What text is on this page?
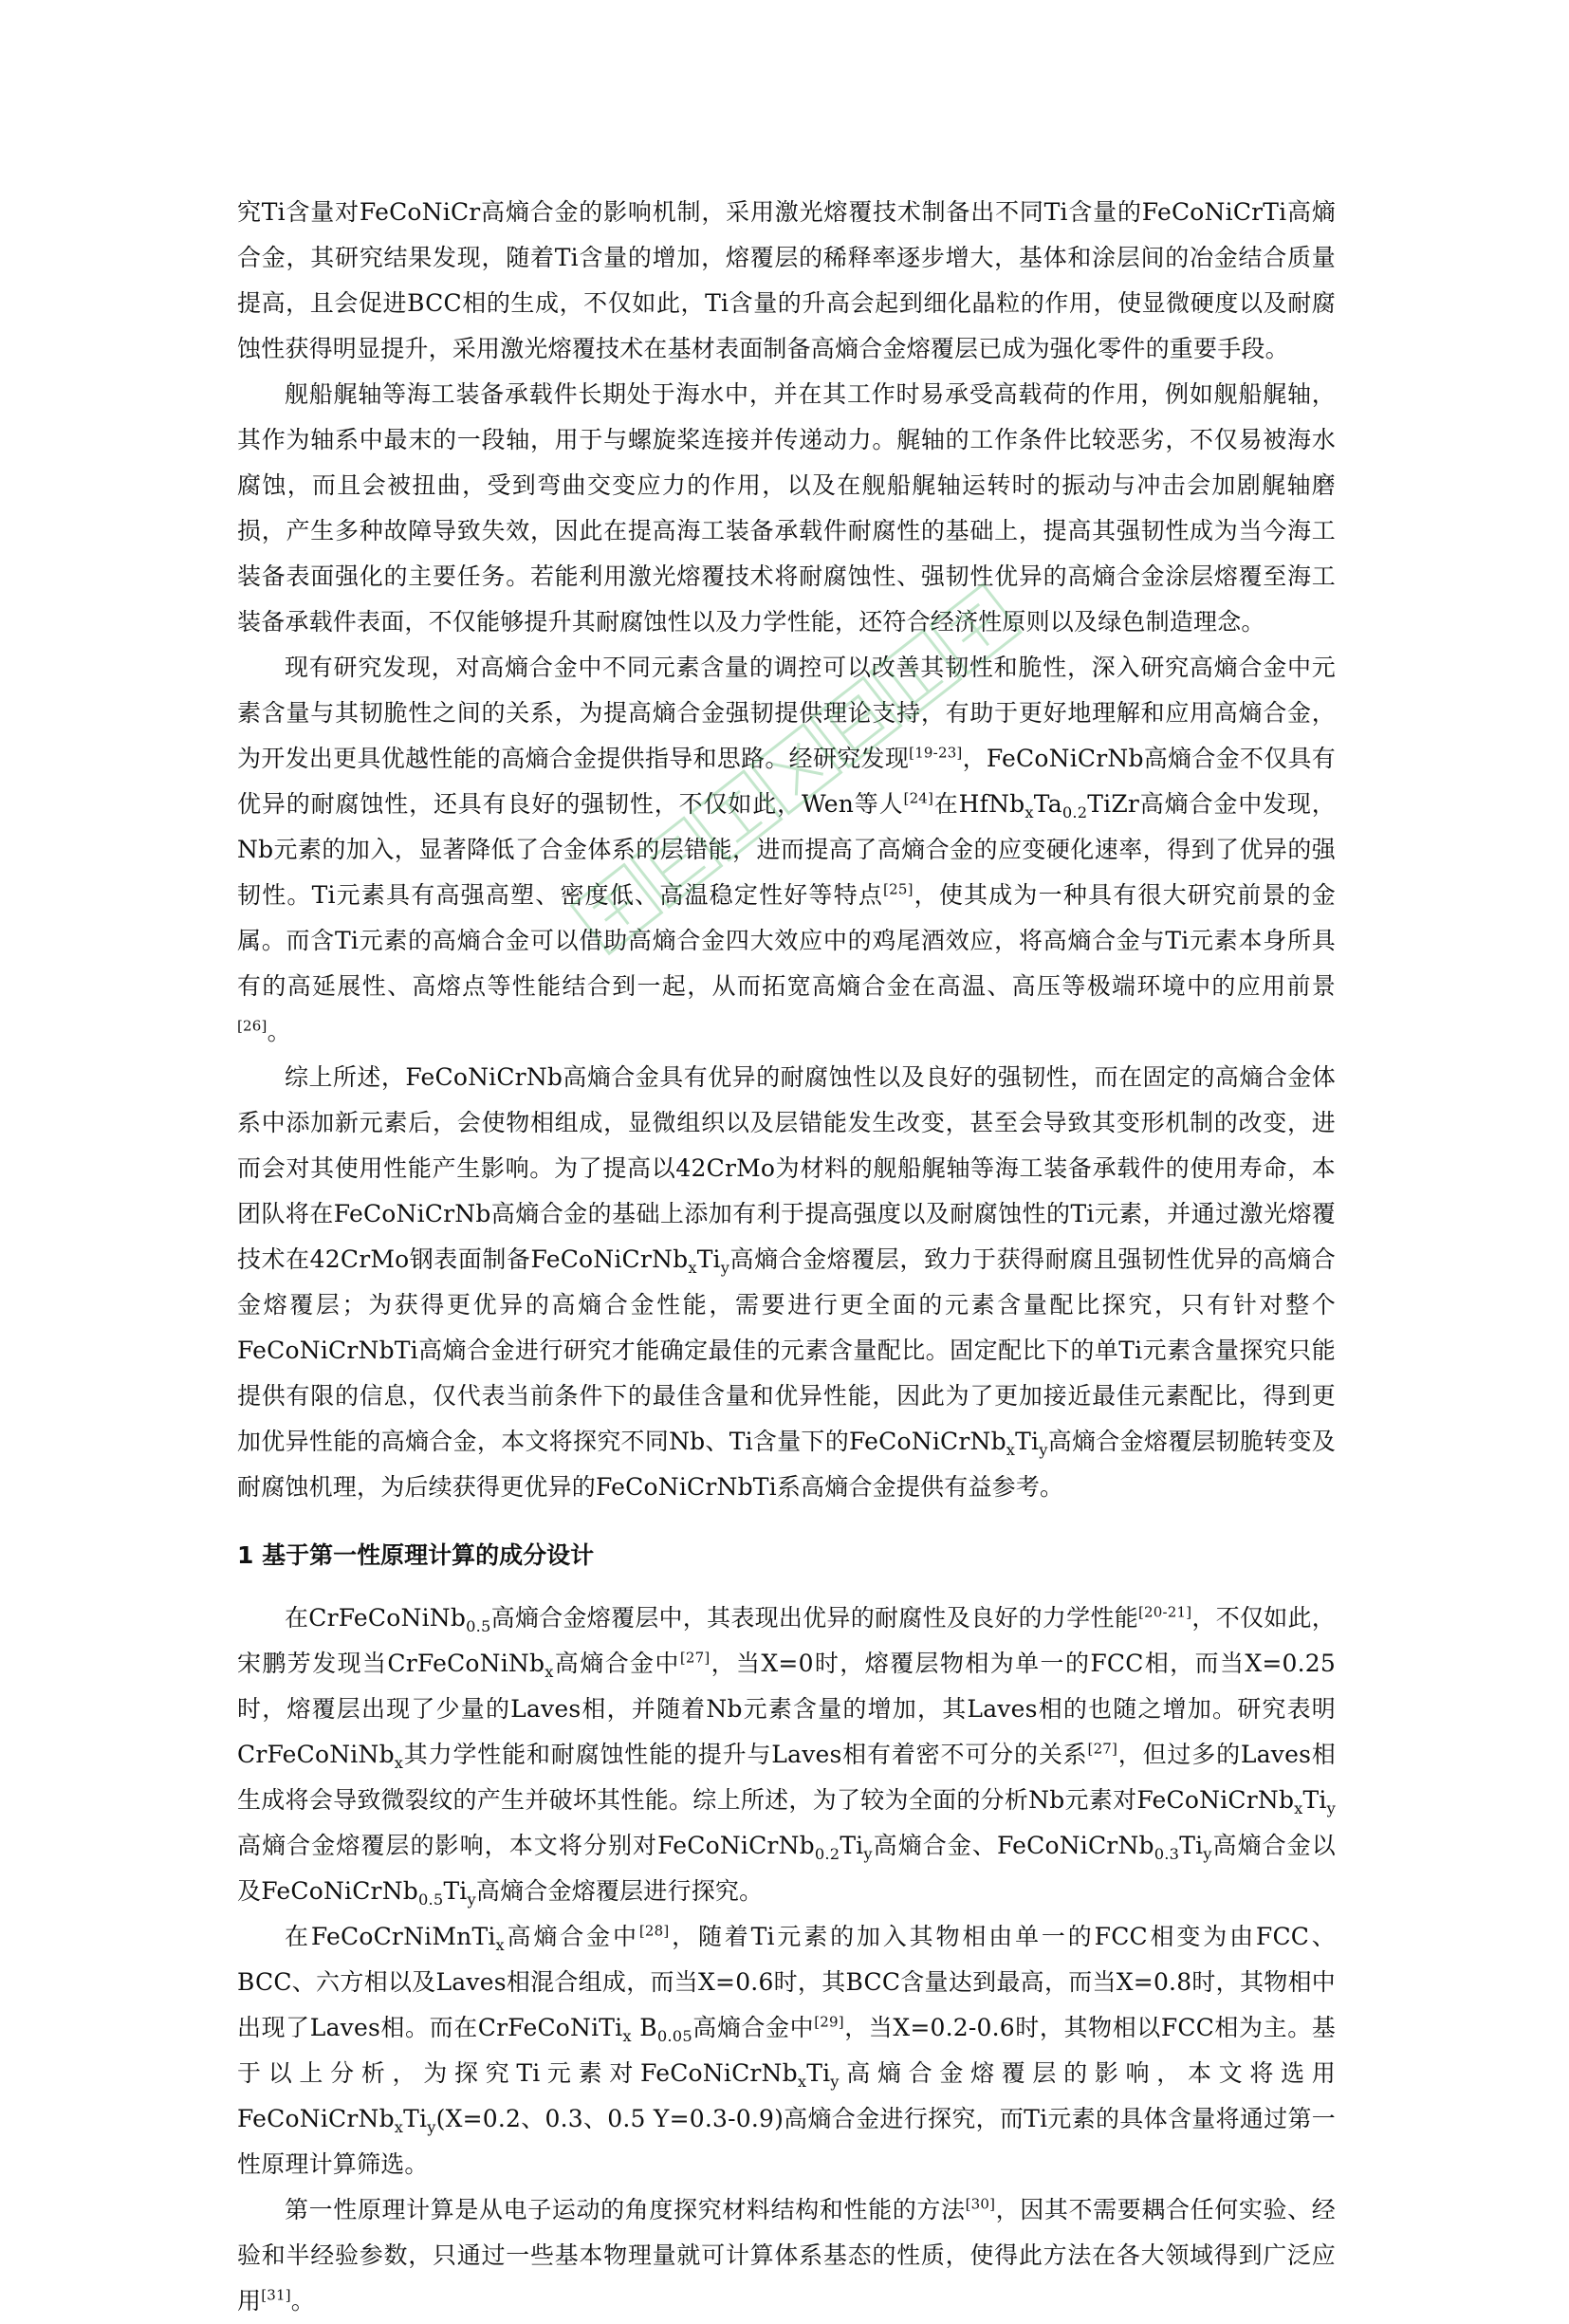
究Ti含量对FeCoNiCr高熵合金的影响机制，采用激光熔覆技术制备出不同Ti含量的FeCoNiCrTi高熵合金，其研究结果发现，随着Ti含量的增加，熔覆层的稀释率逐步增大，基体和涂层间的冶金结合质量提高，且会促进BCC相的生成，不仅如此，Ti含量的升高会起到细化晶粒的作用，使显微硬度以及耐腐蚀性获得明显提升，采用激光熔覆技术在基材表面制备高熵合金熔覆层已成为强化零件的重要手段。

舰船艉轴等海工装备承载件长期处于海水中，并在其工作时易承受高载荷的作用，例如舰船艉轴，其作为轴系中最末的一段轴，用于与螺旋桨连接并传递动力。艉轴的工作条件比较恶劣，不仅易被海水腐蚀，而且会被扭曲，受到弯曲交变应力的作用，以及在舰船艉轴运转时的振动与冲击会加剧艉轴磨损，产生多种故障导致失效，因此在提高海工装备承载件耐腐性的基础上，提高其强韧性成为当今海工装备表面强化的主要任务。若能利用激光熔覆技术将耐腐蚀性、强韧性优异的高熵合金涂层熔覆至海工装备承载件表面，不仅能够提升其耐腐蚀性以及力学性能，还符合经济性原则以及绿色制造理念。

现有研究发现，对高熵合金中不同元素含量的调控可以改善其韧性和脆性，深入研究高熵合金中元素含量与其韧脆性之间的关系，为提高熵合金强韧提供理论支持，有助于更好地理解和应用高熵合金，为开发出更具优越性能的高熵合金提供指导和思路。经研究发现[19-23]，FeCoNiCrNb高熵合金不仅具有优异的耐腐蚀性，还具有良好的强韧性，不仅如此，Wen等人[24]在$HfNb_xTa_{0.2}TiZr$高熵合金中发现，Nb元素的加入，显著降低了合金体系的层错能，进而提高了高熵合金的应变硬化速率，得到了优异的强韧性。Ti元素具有高强高塑、密度低、高温稳定性好等特点[25]，使其成为一种具有很大研究前景的金属。而含Ti元素的高熵合金可以借助高熵合金四大效应中的鸡尾酒效应，将高熵合金与Ti元素本身所具有的高延展性、高熔点等性能结合到一起，从而拓宽高熵合金在高温、高压等极端环境中的应用前景[26]。

综上所述，FeCoNiCrNb高熵合金具有优异的耐腐蚀性以及良好的强韧性，而在固定的高熵合金体系中添加新元素后，会使物相组成，显微组织以及层错能发生改变，甚至会导致其变形机制的改变，进而会对其使用性能产生影响。为了提高以42CrMo为材料的舰船艉轴等海工装备承载件的使用寿命，本团队将在FeCoNiCrNb高熵合金的基础上添加有利于提高强度以及耐腐蚀性的Ti元素，并通过激光熔覆技术在42CrMo钢表面制备$FeCoNiCrNb_xTi_y$高熵合金熔覆层，致力于获得耐腐且强韧性优异的高熵合金熔覆层；为获得更优异的高熵合金性能，需要进行更全面的元素含量配比探究，只有针对整个FeCoNiCrNbTi高熵合金进行研究才能确定最佳的元素含量配比。固定配比下的单Ti元素含量探究只能提供有限的信息，仅代表当前条件下的最佳含量和优异性能，因此为了更加接近最佳元素配比，得到更加优异性能的高熵合金，本文将探究不同Nb、Ti含量下的$FeCoNiCrNb_xTi_y$高熵合金熔覆层韧脆转变及耐腐蚀机理，为后续获得更优异的FeCoNiCrNbTi系高熵合金提供有益参考。

1 基于第一性原理计算的成分设计

在CrFeCoNiNb$_{0.5}$高熵合金熔覆层中，其表现出优异的耐腐性及良好的力学性能[20-21]，不仅如此，宋鹏芳发现当CrFeCoNiNb$_x$高熵合金中[27]，当X=0时，熔覆层物相为单一的FCC相，而当X=0.25时，熔覆层出现了少量的Laves相，并随着Nb元素含量的增加，其Laves相的也随之增加。研究表明CrFeCoNiNb$_x$其力学性能和耐腐蚀性能的提升与Laves相有着密不可分的关系[27]，但过多的Laves相生成将会导致微裂纹的产生并破坏其性能。综上所述，为了较为全面的分析Nb元素对$FeCoNiCrNb_xTi_y$高熵合金熔覆层的影响，本文将分别对$FeCoNiCrNb_{0.2}Ti_y$高熵合金、$FeCoNiCrNb_{0.3}Ti_y$高熵合金以及$FeCoNiCrNb_{0.5}Ti_y$高熵合金熔覆层进行探究。

在FeCoCrNiMnTi$_x$高熵合金中[28]，随着Ti元素的加入其物相由单一的FCC相变为由FCC、BCC、六方相以及Laves相混合组成，而当X=0.6时，其BCC含量达到最高，而当X=0.8时，其物相中出现了Laves相。而在CrFeCoNiTi$_x$ $B_{0.05}$高熵合金中[29]，当X=0.2-0.6时，其物相以FCC相为主。基于以上分析，为探究Ti元素对$FeCoNiCrNb_xTi_y$高熵合金熔覆层的影响，本文将选用$FeCoNiCrNb_xTi_y(X=0.2$、0.3、0.5 Y=0.3-0.9)高熵合金进行探究，而Ti元素的具体含量将通过第一性原理计算筛选。

第一性原理计算是从电子运动的角度探究材料结构和性能的方法[30]，因其不需要耦合任何实验、经验和半经验参数，只通过一些基本物理量就可计算体系基态的性质，使得此方法在各大领域得到广泛应用[31]。
